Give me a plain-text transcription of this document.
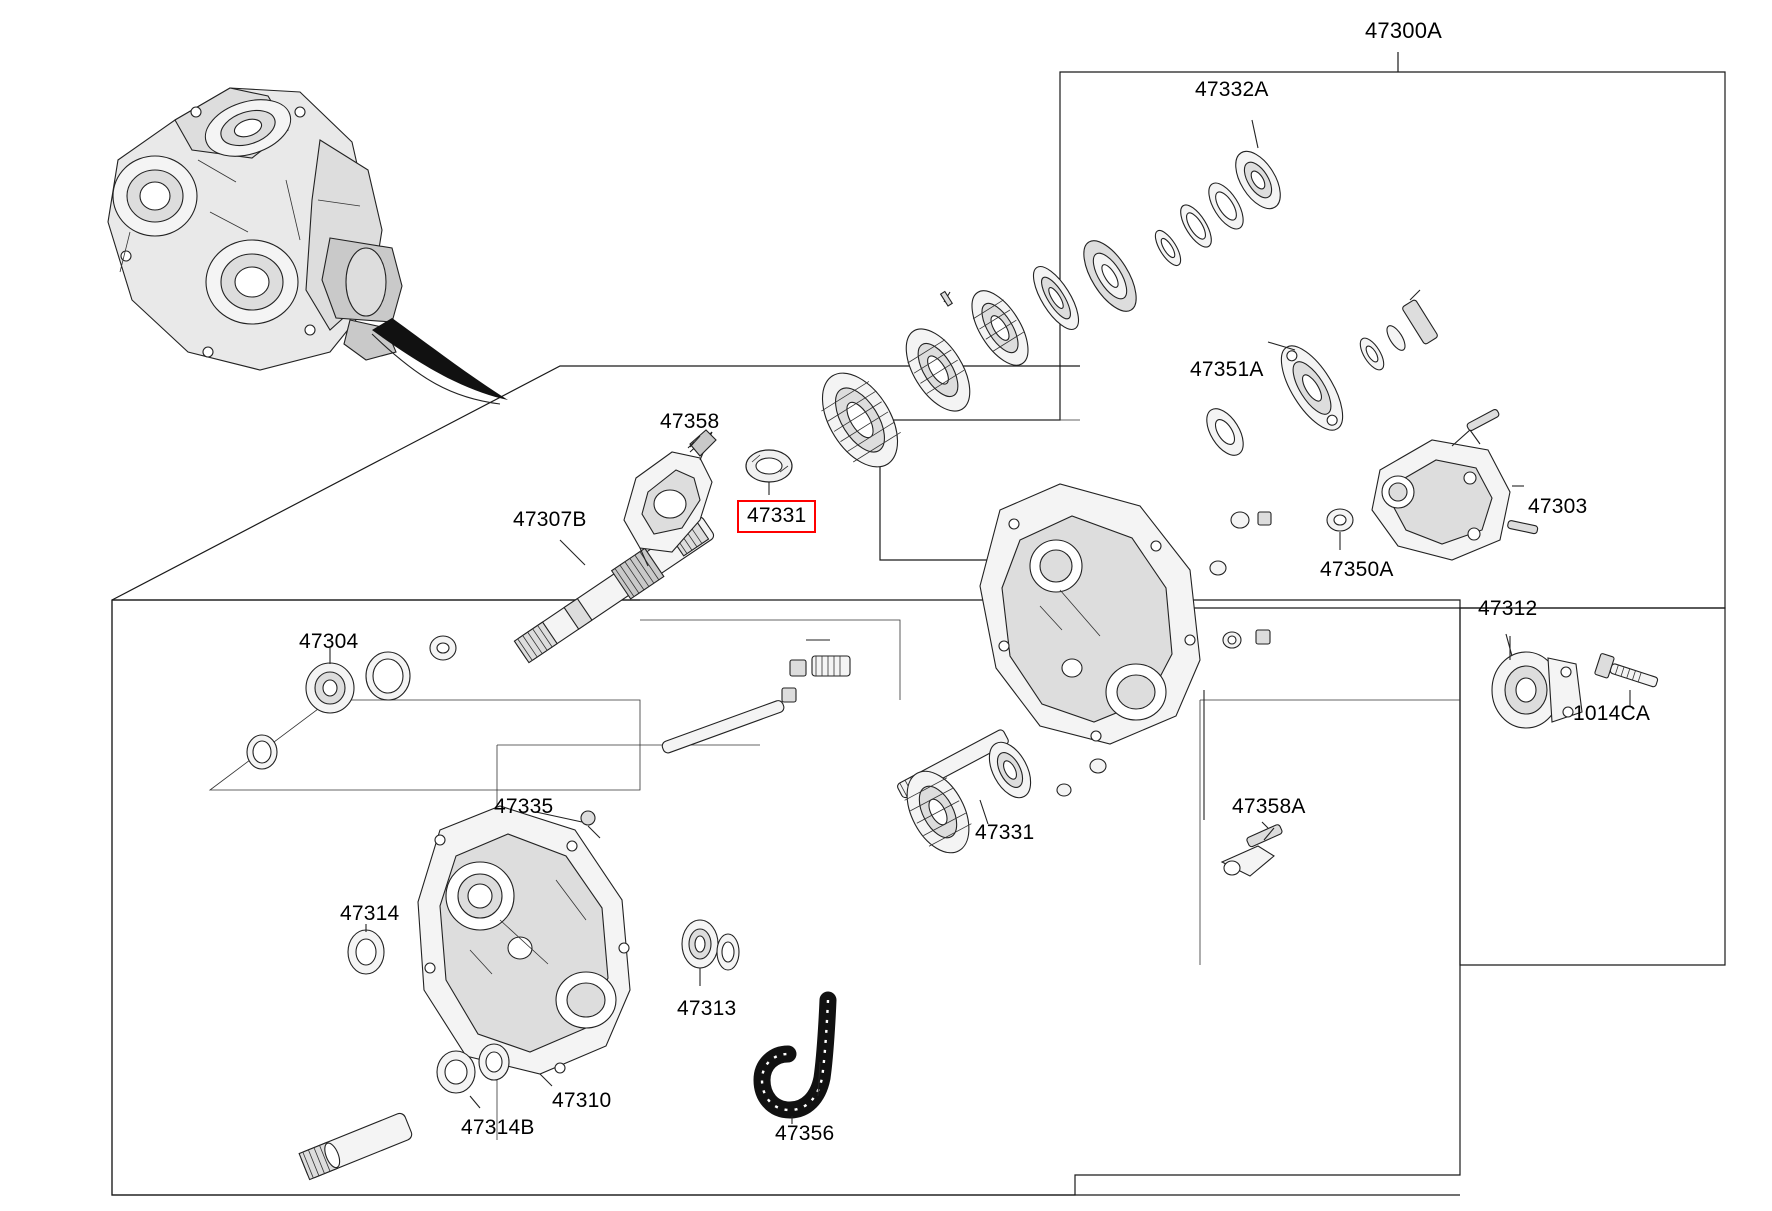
47300A
47332A
47351A
47303
47350A
47358
47307B	47331
47312
1014CA
47304
47335
47331
47358A
47314
47313
47310
47314B	47356
